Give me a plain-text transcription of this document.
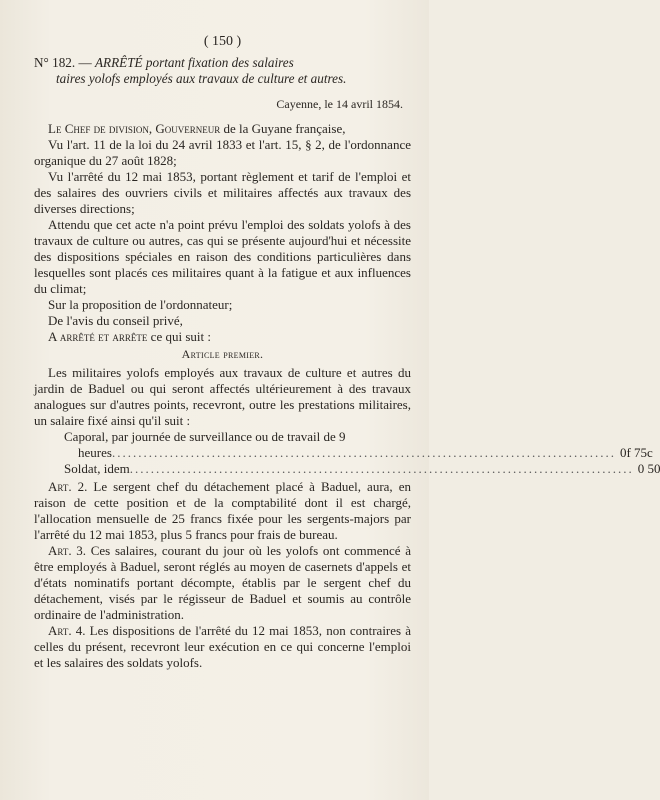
( 150 )

N° 182. — ARRÊTÉ portant fixation des salaires

taires yolofs employés aux travaux de culture et autres.

Cayenne, le 14 avril 1854.

Le Chef de division, Gouverneur de la Guyane française,

Vu l'art. 11 de la loi du 24 avril 1833 et l'art. 15, § 2, de l'ordonnance organique du 27 août 1828;

Vu l'arrêté du 12 mai 1853, portant règlement et tarif de l'emploi et des salaires des ouvriers civils et militaires affectés aux travaux des diverses directions;

Attendu que cet acte n'a point prévu l'emploi des soldats yolofs à des travaux de culture ou autres, cas qui se présente aujourd'hui et nécessite des dispositions spéciales en raison des conditions particulières dans lesquelles sont placés ces militaires quant à la fatigue et aux influences du climat;

Sur la proposition de l'ordonnateur;

De l'avis du conseil privé,

A arrêté et arrête ce qui suit :

Article premier.

Les militaires yolofs employés aux travaux de culture et autres du jardin de Baduel ou qui seront affectés ultérieurement à des travaux analogues sur d'autres points, recevront, outre les prestations militaires, un salaire fixé ainsi qu'il suit :

Caporal, par journée de surveillance ou de travail de 9
heures ................................................................................................ 0f 75c
Soldat, idem ................................................................................................ 0 50

Art. 2. Le sergent chef du détachement placé à Baduel, aura, en raison de cette position et de la comptabilité dont il est chargé, l'allocation mensuelle de 25 francs fixée pour les sergents-majors par l'arrêté du 12 mai 1853, plus 5 francs pour frais de bureau.

Art. 3. Ces salaires, courant du jour où les yolofs ont commencé à être employés à Baduel, seront réglés au moyen de casernets d'appels et d'états nominatifs portant décompte, établis par le sergent chef du détachement, visés par le régisseur de Baduel et soumis au contrôle ordinaire de l'administration.

Art. 4. Les dispositions de l'arrêté du 12 mai 1853, non contraires à celles du présent, recevront leur exécution en ce qui concerne l'emploi et les salaires des soldats yolofs.
